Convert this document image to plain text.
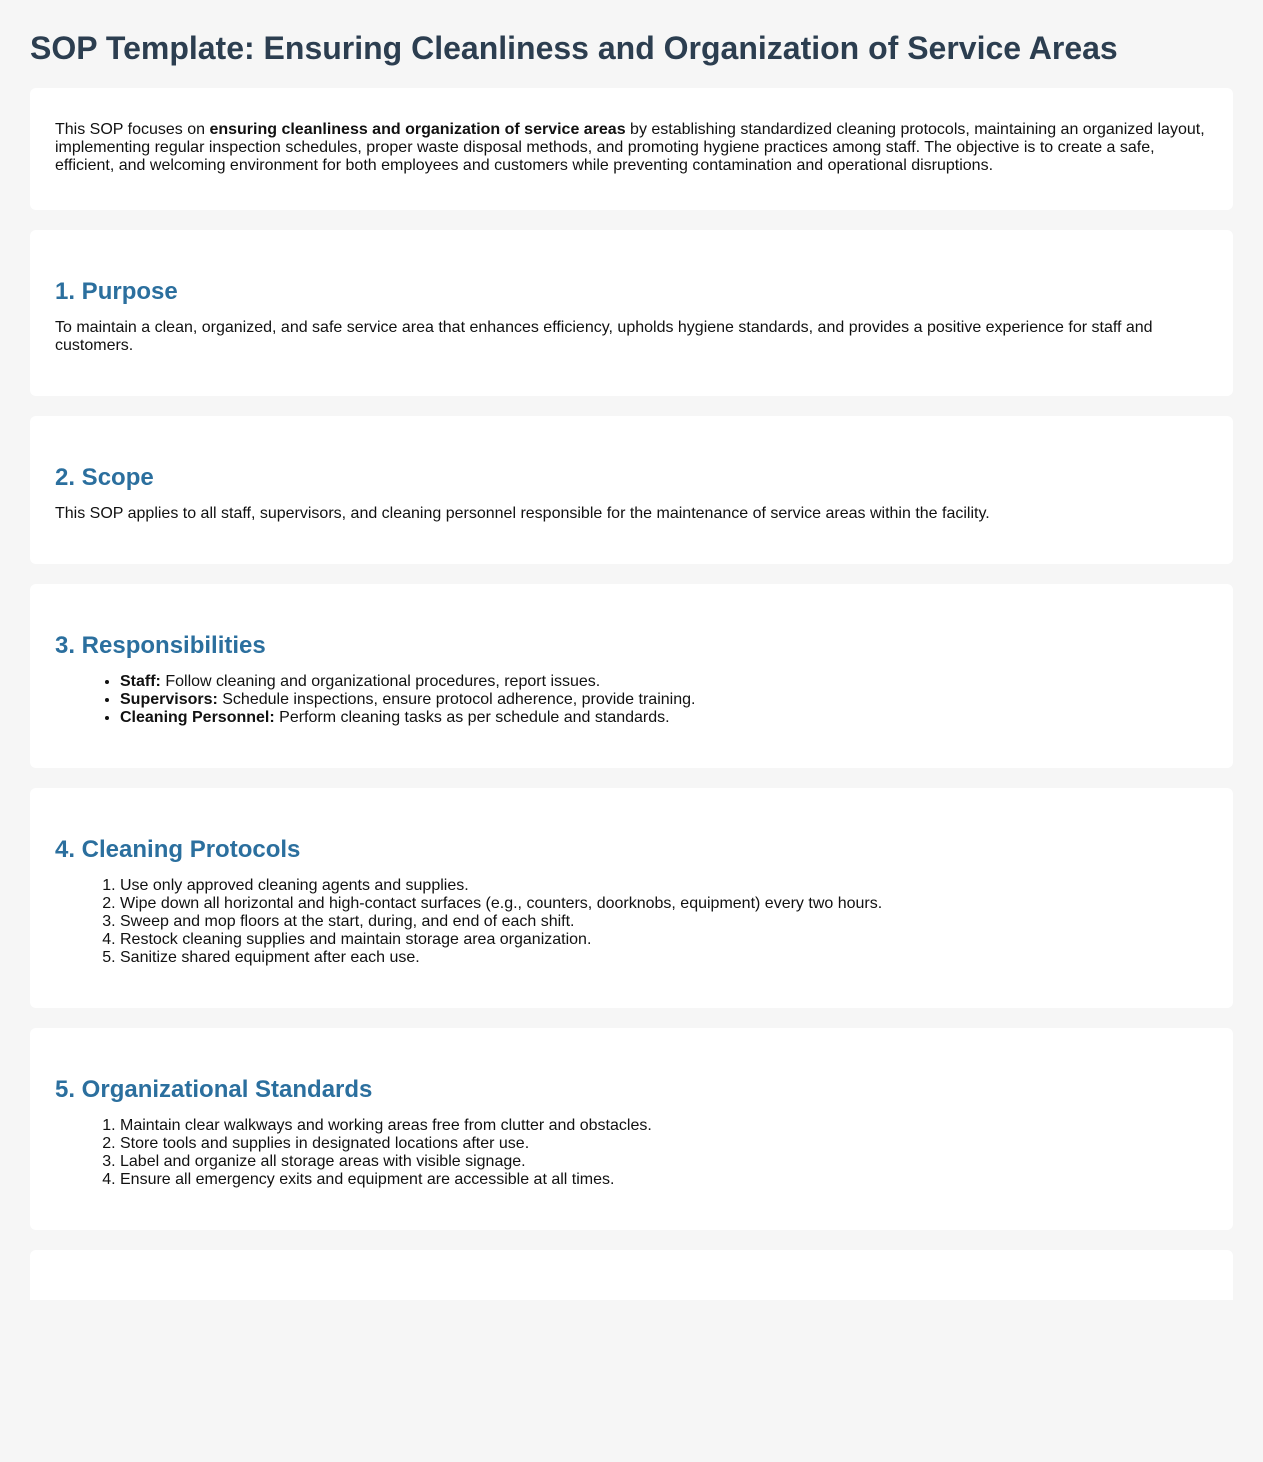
SOP Template: Ensuring Cleanliness and Organization of Service Areas

This SOP focuses on ensuring cleanliness and organization of service areas by establishing standardized cleaning protocols, maintaining an organized layout, implementing regular inspection schedules, proper waste disposal methods, and promoting hygiene practices among staff. The objective is to create a safe, efficient, and welcoming environment for both employees and customers while preventing contamination and operational disruptions.

1. Purpose

To maintain a clean, organized, and safe service area that enhances efficiency, upholds hygiene standards, and provides a positive experience for staff and customers.

2. Scope

This SOP applies to all staff, supervisors, and cleaning personnel responsible for the maintenance of service areas within the facility.

3. Responsibilities
• Staff: Follow cleaning and organizational procedures, report issues.
• Supervisors: Schedule inspections, ensure protocol adherence, provide training.
• Cleaning Personnel: Perform cleaning tasks as per schedule and standards.
4. Cleaning Protocols
1. Use only approved cleaning agents and supplies.
2. Wipe down all horizontal and high-contact surfaces (e.g., counters, doorknobs, equipment) every two hours.
3. Sweep and mop floors at the start, during, and end of each shift.
4. Restock cleaning supplies and maintain storage area organization.
5. Sanitize shared equipment after each use.
5. Organizational Standards
1. Maintain clear walkways and working areas free from clutter and obstacles.
2. Store tools and supplies in designated locations after use.
3. Label and organize all storage areas with visible signage.
4. Ensure all emergency exits and equipment are accessible at all times.
